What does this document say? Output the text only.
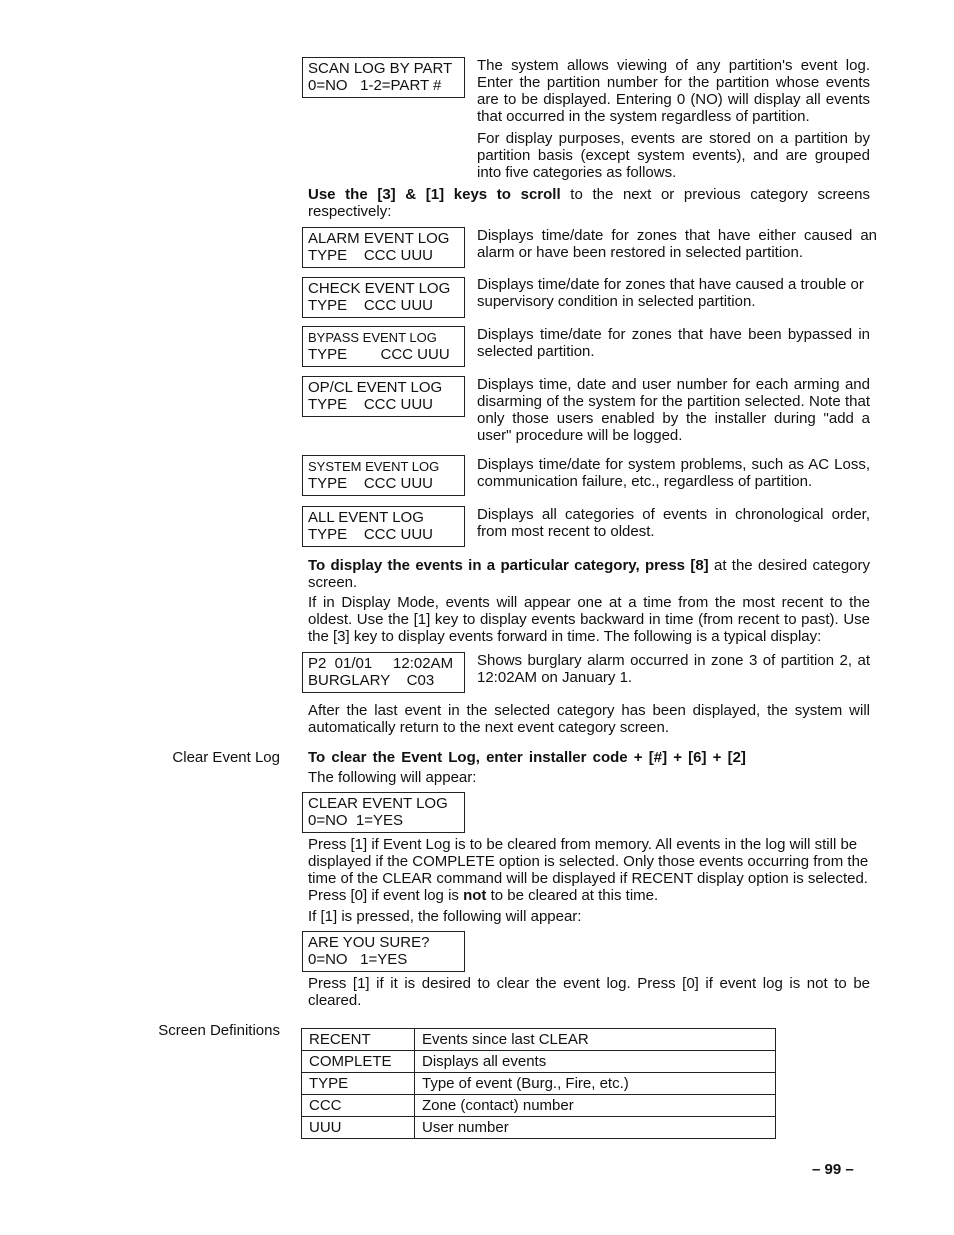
SCAN LOG BY PART
0=NO   1-2=PART #
The system allows viewing of any partition's event log. Enter the partition number for the partition whose events are to be displayed. Entering 0 (NO) will display all events that occurred in the system regardless of partition.
For display purposes, events are stored on a partition by partition basis (except system events), and are grouped into five categories as follows.
Use the [3] & [1] keys to scroll to the next or previous category screens respectively:
ALARM EVENT LOG
TYPE    CCC UUU
Displays time/date for zones that have either caused an alarm or have been restored in selected partition.
CHECK EVENT LOG
TYPE    CCC UUU
Displays time/date for zones that have caused a trouble or supervisory condition in selected partition.
BYPASS EVENT LOG
TYPE        CCC UUU
Displays time/date for zones that have been bypassed in selected partition.
OP/CL EVENT LOG
TYPE    CCC UUU
Displays time, date and user number for each arming and disarming of the system for the partition selected. Note that only those users enabled by the installer during "add a user" procedure will be logged.
SYSTEM EVENT LOG
TYPE    CCC UUU
Displays time/date for system problems, such as AC Loss, communication failure, etc., regardless of partition.
ALL EVENT LOG
TYPE    CCC UUU
Displays all categories of events in chronological order, from most recent to oldest.
To display the events in a particular category, press [8] at the desired category screen.
If in Display Mode, events will appear one at a time from the most recent to the oldest. Use the [1] key to display events backward in time (from recent to past). Use the [3] key to display events forward in time. The following is a typical display:
P2  01/01     12:02AM
BURGLARY    C03
Shows burglary alarm occurred in zone 3 of partition 2, at 12:02AM on January 1.
After the last event in the selected category has been displayed, the system will automatically return to the next event category screen.
Clear Event Log To clear the Event Log, enter installer code + [#] + [6] + [2]
The following will appear:
CLEAR EVENT LOG
0=NO  1=YES
Press [1] if Event Log is to be cleared from memory. All events in the log will still be displayed if the COMPLETE option is selected. Only those events occurring from the time of the CLEAR command will be displayed if RECENT display option is selected. Press [0] if event log is not to be cleared at this time.
If [1] is pressed, the following will appear:
ARE YOU SURE?
0=NO   1=YES
Press [1] if it is desired to clear the event log. Press [0] if event log is not to be cleared.
Screen Definitions
RECENT	Events since last CLEAR
COMPLETE	Displays all events
TYPE	Type of event (Burg., Fire, etc.)
CCC	Zone (contact) number
UUU	User number
– 99 –
